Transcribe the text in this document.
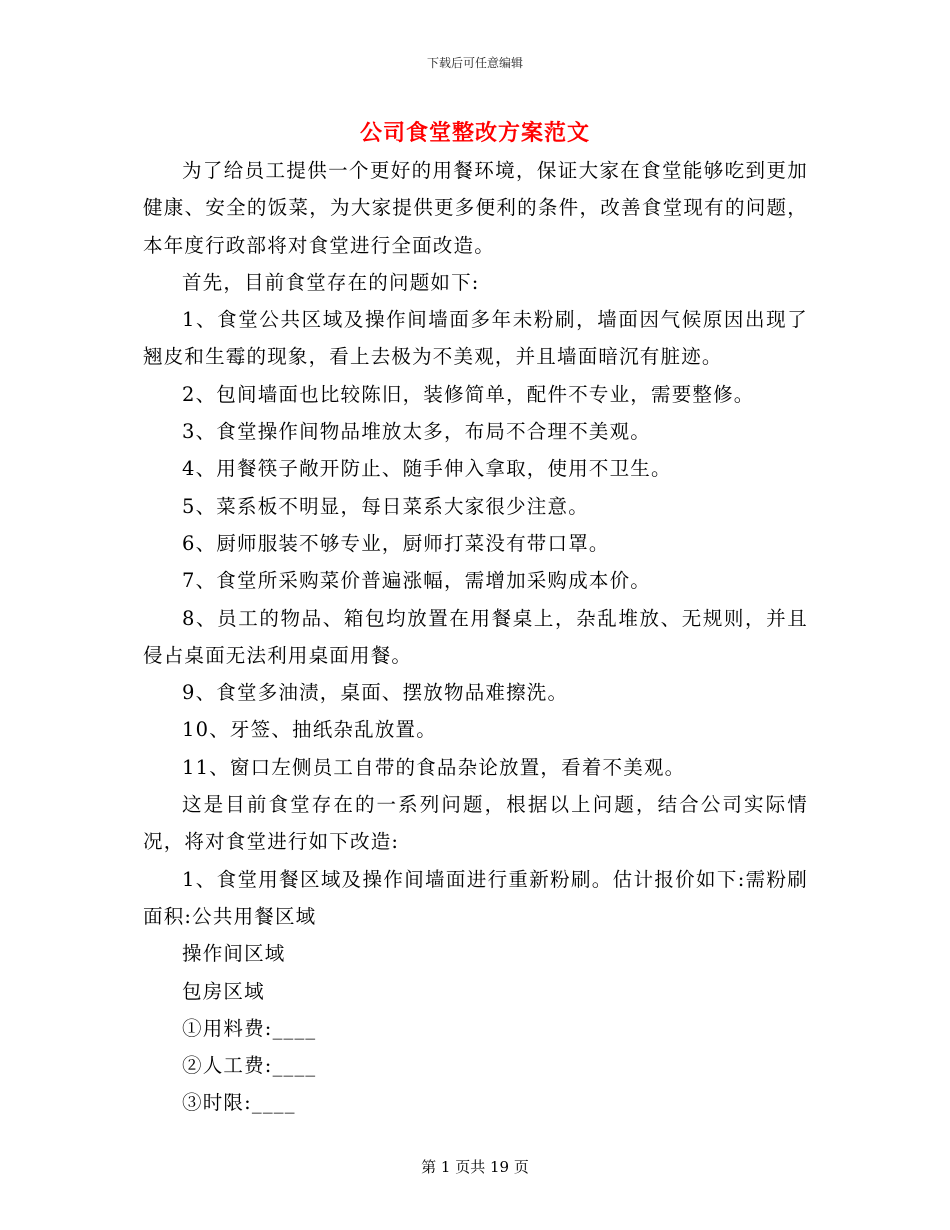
下载后可任意编辑
公司食堂整改方案范文

为了给员工提供一个更好的用餐环境，保证大家在食堂能够吃到更加健康、安全的饭菜，为大家提供更多便利的条件，改善食堂现有的问题，本年度行政部将对食堂进行全面改造。

首先，目前食堂存在的问题如下:

1、食堂公共区域及操作间墙面多年未粉刷，墙面因气候原因出现了翘皮和生霉的现象，看上去极为不美观，并且墙面暗沉有脏迹。

2、包间墙面也比较陈旧，装修简单，配件不专业，需要整修。

3、食堂操作间物品堆放太多，布局不合理不美观。

4、用餐筷子敞开防止、随手伸入拿取，使用不卫生。

5、菜系板不明显，每日菜系大家很少注意。

6、厨师服装不够专业，厨师打菜没有带口罩。

7、食堂所采购菜价普遍涨幅，需增加采购成本价。

8、员工的物品、箱包均放置在用餐桌上，杂乱堆放、无规则，并且侵占桌面无法利用桌面用餐。

9、食堂多油渍，桌面、摆放物品难擦洗。

10、牙签、抽纸杂乱放置。

11、窗口左侧员工自带的食品杂论放置，看着不美观。

这是目前食堂存在的一系列问题，根据以上问题，结合公司实际情况，将对食堂进行如下改造:

1、食堂用餐区域及操作间墙面进行重新粉刷。估计报价如下:需粉刷面积:公共用餐区域

操作间区域

包房区域

①用料费:____

②人工费:____

③时限:____

第 1 页共 19 页
